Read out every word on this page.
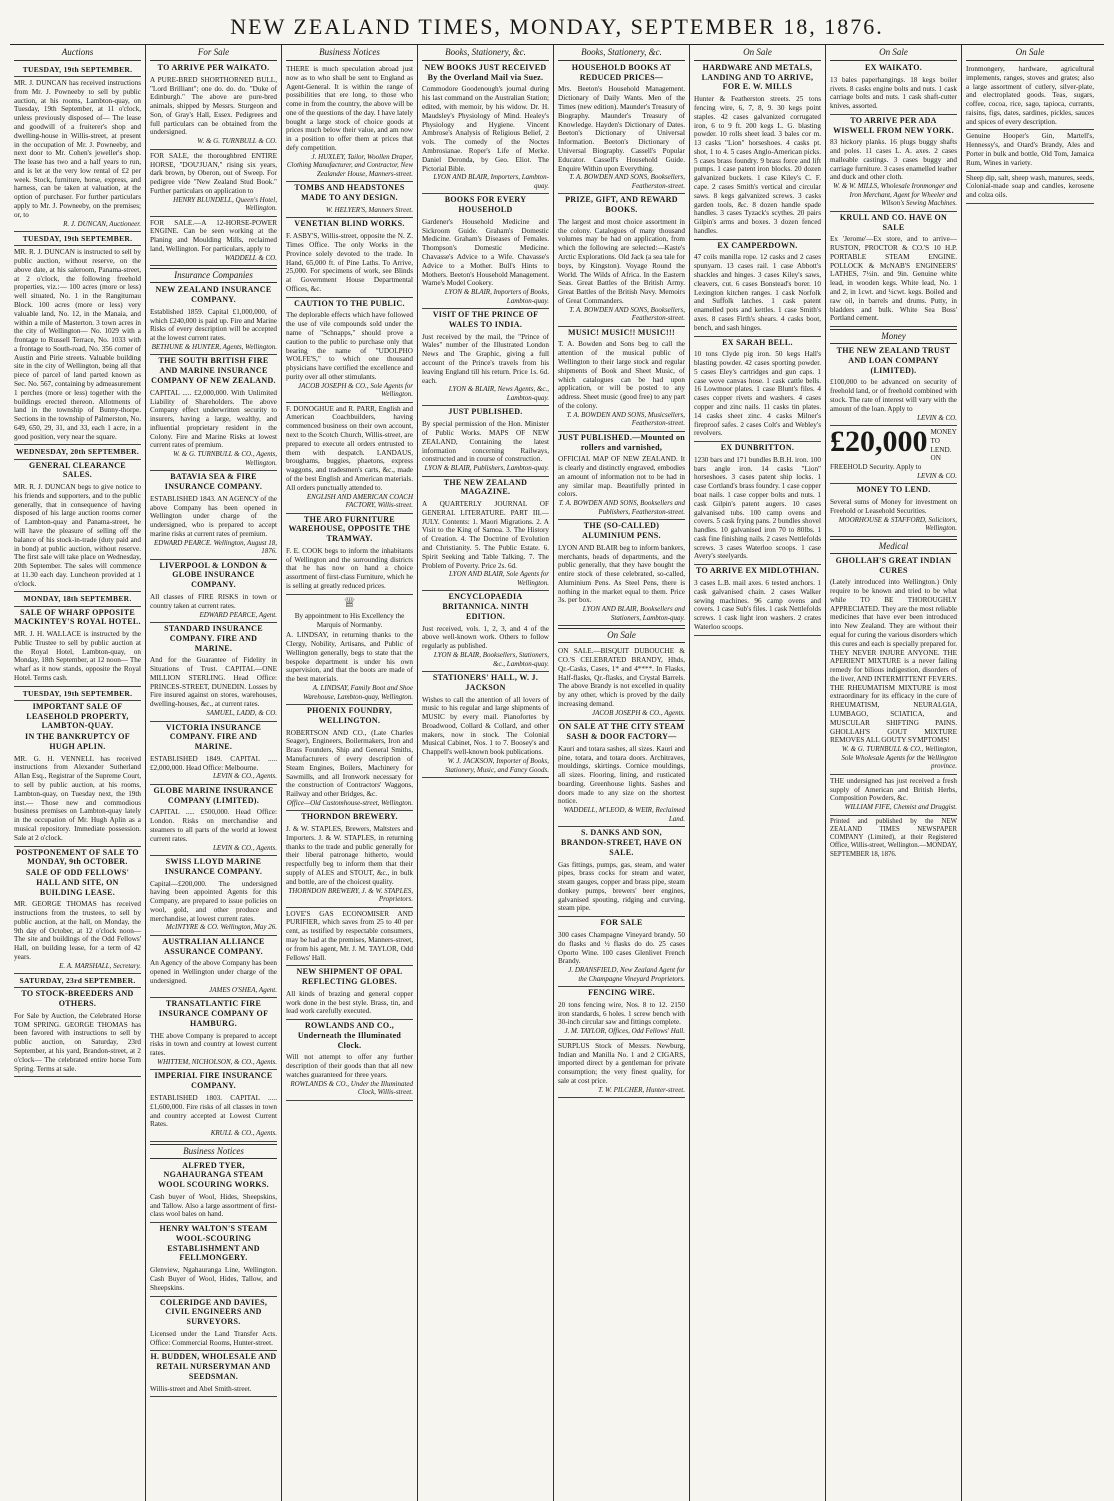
NEW ZEALAND TIMES, MONDAY, SEPTEMBER 18, 1876.
Auctions
TUESDAY, 19th SEPTEMBER.
MR. J. DUNCAN has received instructions from Mr. J. Powneeby to sell by public auction, at his rooms, Lambton-quay, on Tuesday, 19th September, at 11 o'clock, unless previously disposed of— The lease and goodwill of a fruiterer's shop and dwelling-house in Willis-street, at present in the occupation of Mr. J. Powneeby, and next door to Mr. Cohen's jeweller's shop. The lease has two and a half years to run, and is let at the very low rental of £2 per week. Stock, furniture, horse, express, and harness, can be taken at valuation, at the option of purchaser. For further particulars apply to Mr. J. Powneeby, on the premises; or, to
R. J. DUNCAN, Auctioneer.
TUESDAY, 19th SEPTEMBER.
MR. R. J. DUNCAN is instructed to sell by public auction, without reserve, on the above date, at his saleroom, Panama-street, at 2 o'clock, the following freehold properties, viz.:— 100 acres (more or less) well situated, No. 1 in the Rangitumau Block. 100 acres (more or less) very valuable land, No. 12, in the Manaia, and within a mile of Masterton. 3 town acres in the city of Wellington— No. 1029 with a frontage to Russell Terrace, No. 1033 with a frontage to South-road, No. 356 corner of Austin and Pirie streets. Valuable building site in the city of Wellington, being all that piece of parcel of land parted known as Sec. No. 567, containing by admeasurement 1 perches (more or less) together with the buildings erected thereon. Allotments of land in the township of Bunny-thorpe. Sections in the township of Palmerston, No. 649, 650, 29, 31, and 33, each 1 acre, in a good position, very near the square.
WEDNESDAY, 20th SEPTEMBER.
GENERAL CLEARANCE SALES.
MR. R. J. DUNCAN begs to give notice to his friends and supporters, and to the public generally, that in consequence of having disposed of his large auction rooms corner of Lambton-quay and Panama-street, he will have the pleasure of selling off the balance of his stock-in-trade (duty paid and in bond) at public auction, without reserve. The first sale will take place on Wednesday, 20th September. The sales will commence at 11.30 each day. Luncheon provided at 1 o'clock.
MONDAY, 18th SEPTEMBER.
SALE OF WHARF OPPOSITE MACKINTEY'S ROYAL HOTEL.
MR. J. H. WALLACE is instructed by the Public Trustee to sell by public auction at the Royal Hotel, Lambton-quay, on Monday, 18th September, at 12 noon— The wharf as it now stands, opposite the Royal Hotel. Terms cash.
TUESDAY, 19th SEPTEMBER.
IMPORTANT SALE OF LEASEHOLD PROPERTY, LAMBTON-QUAY.
IN THE BANKRUPTCY OF HUGH APLIN.
MR. G. H. VENNELL has received instructions from Alexander Sutherland Allan Esq., Registrar of the Supreme Court, to sell by public auction, at his rooms, Lambton-quay, on Tuesday next, the 19th inst.— Those new and commodious business premises on Lambton-quay lately in the occupation of Mr. Hugh Aplin as a musical repository. Immediate possession. Sale at 2 o'clock.
POSTPONEMENT OF SALE TO MONDAY, 9th OCTOBER.
SALE OF ODD FELLOWS' HALL AND SITE, ON BUILDING LEASE.
MR. GEORGE THOMAS has received instructions from the trustees, to sell by public auction, at the hall, on Monday, the 9th day of October, at 12 o'clock noon— The site and buildings of the Odd Fellows' Hall, on building lease, for a term of 42 years.
E. A. MARSHALL, Secretary.
SATURDAY, 23rd SEPTEMBER.
TO STOCK-BREEDERS AND OTHERS.
For Sale by Auction, the Celebrated Horse TOM SPRING. GEORGE THOMAS has been favored with instructions to sell by public auction, on Saturday, 23rd September, at his yard, Brandon-street, at 2 o'clock— The celebrated entire horse Tom Spring. Terms at sale.
For Sale
TO ARRIVE PER WAIKATO.
A PURE-BRED SHORTHORNED BULL, "Lord Brilliant"; one do. do. do. "Duke of Edinburgh." The above are pure-bred animals, shipped by Messrs. Sturgeon and Son, of Gray's Hall, Essex. Pedigrees and full particulars can be obtained from the undersigned.
W. & G. TURNBULL & CO.
FOR SALE, the thoroughbred ENTIRE HORSE, "DOU'JUAN," rising six years, dark brown, by Oberon, out of Sweep. For pedigree vide "New Zealand Stud Book." Further particulars on application to
HENRY BLUNDELL, Queen's Hotel, Wellington.
FOR SALE.—A 12-HORSE-POWER ENGINE. Can be seen working at the Planing and Moulding Mills, reclaimed land, Wellington. For particulars, apply to
WADDELL & CO.
Insurance Companies
NEW ZEALAND INSURANCE COMPANY.
Established 1859. Capital £1,000,000, of which £240,000 is paid up. Fire and Marine Risks of every description will be accepted at the lowest current rates.
BETHUNE & HUNTER, Agents, Wellington.
THE SOUTH BRITISH FIRE AND MARINE INSURANCE COMPANY OF NEW ZEALAND.
CAPITAL ..... £2,000,000. With Unlimited Liability of Shareholders. The above Company effect underwritten security to insurers, having a large, wealthy, and influential proprietary resident in the Colony. Fire and Marine Risks at lowest current rates of premium.
W. & G. TURNBULL & CO., Agents, Wellington.
BATAVIA SEA & FIRE INSURANCE COMPANY.
ESTABLISHED 1843. AN AGENCY of the above Company has been opened in Wellington under charge of the undersigned, who is prepared to accept marine risks at current rates of premium.
EDWARD PEARCE. Wellington, August 18, 1876.
LIVERPOOL & LONDON & GLOBE INSURANCE COMPANY.
All classes of FIRE RISKS in town or country taken at current rates.
EDWARD PEARCE, Agent.
STANDARD INSURANCE COMPANY. FIRE AND MARINE.
And for the Guarantee of Fidelity in Situations of Trust. CAPITAL—ONE MILLION STERLING. Head Office: PRINCES-STREET, DUNEDIN. Losses by Fire insured against on stores, warehouses, dwelling-houses, &c., at current rates.
SAMUEL, LADD, & CO.
VICTORIA INSURANCE COMPANY. FIRE AND MARINE.
ESTABLISHED 1849. CAPITAL ..... £2,000,000. Head Office: Melbourne.
LEVIN & CO., Agents.
GLOBE MARINE INSURANCE COMPANY (LIMITED).
CAPITAL ..... £500,000. Head Office: London. Risks on merchandise and steamers to all parts of the world at lowest current rates.
LEVIN & CO., Agents.
SWISS LLOYD MARINE INSURANCE COMPANY.
Capital—£200,000. The undersigned having been appointed Agents for this Company, are prepared to issue policies on wool, gold, and other produce and merchandise, at lowest current rates.
McINTYRE & CO. Wellington, May 26.
AUSTRALIAN ALLIANCE ASSURANCE COMPANY.
An Agency of the above Company has been opened in Wellington under charge of the undersigned.
JAMES O'SHEA, Agent.
TRANSATLANTIC FIRE INSURANCE COMPANY OF HAMBURG.
THE above Company is prepared to accept risks in town and country at lowest current rates.
WHITTEM, NICHOLSON, & CO., Agents.
IMPERIAL FIRE INSURANCE COMPANY.
ESTABLISHED 1803. CAPITAL ..... £1,600,000. Fire risks of all classes in town and country accepted at Lowest Current Rates.
KRULL & CO., Agents.
Business Notices
ALFRED TYER, NGAHAURANGA STEAM WOOL SCOURING WORKS.
Cash buyer of Wool, Hides, Sheepskins, and Tallow. Also a large assortment of first-class wool bales on hand.
HENRY WALTON'S STEAM WOOL-SCOURING ESTABLISHMENT AND FELLMONGERY.
Glenview, Ngahauranga Line, Wellington. Cash Buyer of Wool, Hides, Tallow, and Sheepskins.
COLERIDGE AND DAVIES, CIVIL ENGINEERS AND SURVEYORS.
Licensed under the Land Transfer Acts. Office: Commercial Rooms, Hunter-street.
H. BUDDEN, WHOLESALE AND RETAIL NURSERYMAN AND SEEDSMAN.
Willis-street and Abel Smith-street.
Business Notices
THERE is much speculation abroad just now as to who shall be sent to England as Agent-General. It is within the range of possibilities that ere long, to those who come in from the country, the above will be one of the questions of the day. I have lately bought a large stock of choice goods at prices much below their value, and am now in a position to offer them at prices that defy competition.
J. HUXLEY, Tailor, Woollen Draper, Clothing Manufacturer, and Contractor, New Zealander House, Manners-street.
TOMBS AND HEADSTONES MADE TO ANY DESIGN.
W. HELYER'S, Manners Street.
VENETIAN BLIND WORKS.
F. ASBY'S, Willis-street, opposite the N. Z. Times Office. The only Works in the Province solely devoted to the trade. In Hand, 65,000 ft. of Pine Laths. To Arrive, 25,000. For specimens of work, see Blinds at Government House Departmental Offices, &c.
CAUTION TO THE PUBLIC.
The deplorable effects which have followed the use of vile compounds sold under the name of "Schnapps," should prove a caution to the public to purchase only that bearing the name of "UDOLPHO WOLFE'S," to which one thousand physicians have certified the excellence and purity over all other stimulants.
JACOB JOSEPH & CO., Sole Agents for Wellington.
F. DONOGHUE and R. PARR, English and American Coachbuilders, having commenced business on their own account, next to the Scotch Church, Willis-street, are prepared to execute all orders entrusted to them with despatch. LANDAUS, broughams, buggies, phaetons, express waggons, and tradesmen's carts, &c., made of the best English and American materials. All orders punctually attended to.
ENGLISH AND AMERICAN COACH FACTORY, Willis-street.
THE ARO FURNITURE WAREHOUSE, OPPOSITE THE TRAMWAY.
F. E. COOK begs to inform the inhabitants of Wellington and the surrounding districts that he has now on hand a choice assortment of first-class Furniture, which he is selling at greatly reduced prices.
♕
By appointment to His Excellency the Marquis of Normanby.
A. LINDSAY, in returning thanks to the Clergy, Nobility, Artisans, and Public of Wellington generally, begs to state that the bespoke department is under his own supervision, and that the boots are made of the best materials.
A. LINDSAY, Family Boot and Shoe Warehouse, Lambton-quay, Wellington.
PHOENIX FOUNDRY, WELLINGTON.
ROBERTSON AND CO., (Late Charles Seager), Engineers, Boilermakers, Iron and Brass Founders, Ship and General Smiths, Manufacturers of every description of Steam Engines, Boilers, Machinery for Sawmills, and all Ironwork necessary for the construction of Contractors' Waggons, Railway and other Bridges, &c.
Office—Old Customhouse-street, Wellington.
THORNDON BREWERY.
J. & W. STAPLES, Brewers, Maltsters and Importers. J. & W. STAPLES, in returning thanks to the trade and public generally for their liberal patronage hitherto, would respectfully beg to inform them that their supply of ALES and STOUT, &c., in bulk and bottle, are of the choicest quality.
THORNDON BREWERY, J. & W. STAPLES, Proprietors.
LOVE'S GAS ECONOMISER AND PURIFIER, which saves from 25 to 40 per cent, as testified by respectable consumers, may be had at the premises, Manners-street, or from his agent, Mr. J. M. TAYLOR, Odd Fellows' Hall.
NEW SHIPMENT OF OPAL REFLECTING GLOBES.
All kinds of brazing and general copper work done in the best style. Brass, tin, and lead work carefully executed.
ROWLANDS AND CO., Underneath the Illuminated Clock.
Will not attempt to offer any further description of their goods than that all new watches guaranteed for three years.
ROWLANDS & CO., Under the Illuminated Clock, Willis-street.
Books, Stationery, &c.
NEW BOOKS JUST RECEIVED By the Overland Mail via Suez.
Commodore Goodenough's journal during his last command on the Australian Station; edited, with memoir, by his widow. Dr. H. Maudsley's Physiology of Mind. Healey's Physiology and Hygiene. Vincent Ambrose's Analysis of Religious Belief, 2 vols. The comedy of the Noctes Ambrosianae. Roper's Life of Merke. Daniel Deronda, by Geo. Eliot. The Pictorial Bible.
LYON AND BLAIR, Importers, Lambton-quay.
BOOKS FOR EVERY HOUSEHOLD
Gardener's Household Medicine and Sickroom Guide. Graham's Domestic Medicine. Graham's Diseases of Females. Thompson's Domestic Medicine. Chavasse's Advice to a Wife. Chavasse's Advice to a Mother. Bull's Hints to Mothers. Beeton's Household Management. Warne's Model Cookery.
LYON & BLAIR, Importers of Books, Lambton-quay.
VISIT OF THE PRINCE OF WALES TO INDIA.
Just received by the mail, the "Prince of Wales" number of the Illustrated London News and The Graphic, giving a full account of the Prince's travels from his leaving England till his return. Price 1s. 6d. each.
LYON & BLAIR, News Agents, &c., Lambton-quay.
JUST PUBLISHED.
By special permission of the Hon. Minister of Public Works. MAPS OF NEW ZEALAND, Containing the latest information concerning Railways, constructed and in course of construction.
LYON & BLAIR, Publishers, Lambton-quay.
THE NEW ZEALAND MAGAZINE.
A QUARTERLY JOURNAL OF GENERAL LITERATURE. PART III.—JULY. Contents: 1. Maori Migrations. 2. A Visit to the King of Samoa. 3. The History of Creation. 4. The Doctrine of Evolution and Christianity. 5. The Public Estate. 6. Spirit Seeking and Table Talking. 7. The Problem of Poverty. Price 2s. 6d.
LYON AND BLAIR, Sole Agents for Wellington.
ENCYCLOPAEDIA BRITANNICA. NINTH EDITION.
Just received, vols. 1, 2, 3, and 4 of the above well-known work. Others to follow regularly as published.
LYON & BLAIR, Booksellers, Stationers, &c., Lambton-quay.
STATIONERS' HALL, W. J. JACKSON
Wishes to call the attention of all lovers of music to his regular and large shipments of MUSIC by every mail. Pianofortes by Broadwood, Collard & Collard, and other makers, now in stock. The Colonial Musical Cabinet, Nos. 1 to 7. Boosey's and Chappell's well-known book publications.
W. J. JACKSON, Importer of Books, Stationery, Music, and Fancy Goods.
Books, Stationery, &c.
HOUSEHOLD BOOKS AT REDUCED PRICES—
Mrs. Beeton's Household Management. Dictionary of Daily Wants. Men of the Times (new edition). Maunder's Treasury of Biography. Maunder's Treasury of Knowledge. Hayden's Dictionary of Dates. Beeton's Dictionary of Universal Information. Beeton's Dictionary of Universal Biography. Cassell's Popular Educator. Cassell's Household Guide. Enquire Within upon Everything.
T. A. BOWDEN AND SONS, Booksellers, Featherston-street.
PRIZE, GIFT, AND REWARD BOOKS.
The largest and most choice assortment in the colony. Catalogues of many thousand volumes may be had on application, from which the following are selected:—Kaste's Arctic Explorations. Old Jack (a sea tale for boys, by Kingston). Voyage Round the World. The Wilds of Africa. In the Eastern Seas. Great Battles of the British Army. Great Battles of the British Navy. Memoirs of Great Commanders.
T. A. BOWDEN AND SONS, Booksellers, Featherston-street.
MUSIC! MUSIC!! MUSIC!!!
T. A. Bowden and Sons beg to call the attention of the musical public of Wellington to their large stock and regular shipments of Book and Sheet Music, of which catalogues can be had upon application, or will be posted to any address. Sheet music (good free) to any part of the colony.
T. A. BOWDEN AND SONS, Musicsellers, Featherston-street.
JUST PUBLISHED.—Mounted on rollers and varnished,
OFFICIAL MAP OF NEW ZEALAND. It is clearly and distinctly engraved, embodies an amount of information not to be had in any similar map. Beautifully printed in colors.
T. A. BOWDEN AND SONS, Booksellers and Publishers, Featherston-street.
THE (SO-CALLED) ALUMINIUM PENS.
LYON AND BLAIR beg to inform bankers, merchants, heads of departments, and the public generally, that they have bought the entire stock of these celebrated, so-called, Aluminium Pens. As Steel Pens, there is nothing in the market equal to them. Price 3s. per box.
LYON AND BLAIR, Booksellers and Stationers, Lambton-quay.
On Sale
ON SALE.—BISQUIT DUBOUCHE & CO.'S CELEBRATED BRANDY, Hhds, Qr.-Casks, Cases, 1* and 4****. In Flasks, Half-flasks, Qr.-flasks, and Crystal Barrels. The above Brandy is not excelled in quality by any other, which is proved by the daily increasing demand.
JACOB JOSEPH & CO., Agents.
ON SALE AT THE CITY STEAM SASH & DOOR FACTORY—
Kauri and totara sashes, all sizes. Kauri and pine, totara, and totara doors. Architraves, mouldings, skirtings. Cornice mouldings, all sizes. Flooring, lining, and rusticated boarding. Greenhouse lights. Sashes and doors made to any size on the shortest notice.
WADDELL, M'LEOD, & WEIR, Reclaimed Land.
S. DANKS AND SON, BRANDON-STREET, HAVE ON SALE.
Gas fittings, pumps, gas, steam, and water pipes, brass cocks for steam and water, steam gauges, copper and brass pipe, steam donkey pumps, brewers' beer engines, galvanised spouting, ridging and curving, steam pipe.
FOR SALE
300 cases Champagne Vineyard brandy. 50 do flasks and ½ flasks do do. 25 cases Oporto Wine. 100 cases Glenlivet French Brandy.
J. DRANSFIELD, New Zealand Agent for the Champagne Vineyard Proprietors.
FENCING WIRE.
20 tons fencing wire, Nos. 8 to 12. 2150 iron standards, 6 holes. 1 screw bench with 30-inch circular saw and fittings complete.
J. M. TAYLOR, Offices, Odd Fellows' Hall.
SURPLUS Stock of Messrs. Newburg, Indian and Manilla No. 1 and 2 CIGARS, imported direct by a gentleman for private consumption; the very finest quality, for sale at cost price.
T. W. PILCHER, Hunter-street.
On Sale
HARDWARE AND METALS, LANDING AND TO ARRIVE, FOR E. W. MILLS
Hunter & Featherston streets. 25 tons fencing wire, 6, 7, 8, 9. 30 kegs point staples. 42 cases galvanized corrugated iron, 6 to 9 ft. 200 kegs L. G. blasting powder. 10 rolls sheet lead. 3 bales cor m. 13 casks "Lion" horseshoes. 4 casks pt. shot, 1 to 4. 5 cases Anglo-American picks. 5 cases brass foundry. 9 brass force and lift pumps. 1 case patent iron blocks. 20 dozen galvanized buckets. 1 case Kiley's C. F. cape. 2 cases Smith's vertical and circular saws. 8 kegs galvanized screws. 3 casks garden tools, &c. 8 dozen handle spade handles. 3 cases Tyzack's scythes. 20 pairs Gilpin's arms and boxes. 3 dozen fenced handles.
EX CAMPERDOWN.
47 coils manilla rope. 12 casks and 2 cases spunyarn. 13 cases rail. 1 case Abbott's shackles and hinges. 3 cases Kiley's saws, cleavers, cut. 6 cases Bonstead's borer. 10 Lexington kitchen ranges. 1 cask Norfolk and Suffolk latches. 1 cask patent enamelled pots and kettles. 1 case Smith's axes. 8 cases Firth's shears. 4 casks boot, bench, and sash hinges.
EX SARAH BELL.
10 tons Clyde pig iron. 50 kegs Hall's blasting powder. 42 cases sporting powder. 5 cases Eley's cartridges and gun caps. 1 case wove canvas hose. 1 cask cattle bells. 16 Lowmoor plates. 1 case Blunt's files. 4 cases copper rivets and washers. 4 cases copper and zinc nails. 11 casks tin plates. 14 casks sheet zinc. 4 casks Milner's fireproof safes. 2 cases Colt's and Webley's revolvers.
EX DUNBRITTON.
1230 bars and 171 bundles B.B.H. iron. 100 bars angle iron. 14 casks "Lion" horseshoes. 3 cases patent ship locks. 1 case Cortland's brass foundry. 1 case copper boat nails. 1 case copper bolts and nuts. 1 cask Gilpin's patent augers. 10 cases galvanised tubs. 100 camp ovens and covers. 5 cask frying pans. 2 bundles shovel handles. 10 galvanised iron 70 to 80lbs. 1 cask fine finishing nails. 2 cases Nettlefolds screws. 3 cases Waterloo scoops. 1 case Avery's steelyards.
TO ARRIVE EX MIDLOTHIAN.
3 cases L.B. mail axes. 6 tested anchors. 1 cask galvanised chain. 2 cases Walker sewing machines. 96 camp ovens and covers. 1 case Sub's files. 1 cask Nettlefolds screws. 1 cask light iron washers. 2 crates Waterloo scoops.
On Sale
EX WAIKATO.
13 bales paperhangings. 18 kegs boiler rivets. 8 casks engine bolts and nuts. 1 cask carriage bolts and nuts. 1 cask shaft-cutter knives, assorted.
TO ARRIVE PER ADA WISWELL FROM NEW YORK.
83 hickory planks. 16 plugs buggy shafts and poles. 11 cases L. A. axes. 2 cases malleable castings. 3 cases buggy and carriage furniture. 3 cases enamelled leather and duck and other cloth.
W. & W. MILLS, Wholesale Ironmonger and Iron Merchant, Agent for Wheeler and Wilson's Sewing Machines.
KRULL AND CO. HAVE ON SALE
Ex 'Jerome'—Ex store, and to arrive— RUSTON, PROCTOR & CO.'S 10 H.P. PORTABLE STEAM ENGINE. POLLOCK & McNAB'S ENGINEERS' LATHES, 7½in. and 9in. Genuine white lead, in wooden kegs. White lead, No. 1 and 2, in 1cwt. and ¼cwt. kegs. Boiled and raw oil, in barrels and drums. Putty, in bladders and bulk. White Sea Boss' Portland cement.
Money
THE NEW ZEALAND TRUST AND LOAN COMPANY (LIMITED).
£100,000 to be advanced on security of freehold land, or of freehold combined with stock. The rate of interest will vary with the amount of the loan. Apply to
LEVIN & CO.
£20,000 MONEY TO LEND. ON FREEHOLD Security. Apply to
LEVIN & CO.
MONEY TO LEND.
Several sums of Money for investment on Freehold or Leasehold Securities.
MOORHOUSE & STAFFORD, Solicitors, Wellington.
Medical
GHOLLAH'S GREAT INDIAN CURES
(Lately introduced into Wellington.) Only require to be known and tried to be what while TO BE THOROUGHLY APPRECIATED. They are the most reliable medicines that have ever been introduced into New Zealand. They are without their equal for curing the various disorders which this cures and each is specially prepared for. THEY NEVER INJURE ANYONE. THE APERIENT MIXTURE is a never failing remedy for bilious indigestion, disorders of the liver, AND INTERMITTENT FEVERS. THE RHEUMATISM MIXTURE is most extraordinary for its efficacy in the cure of RHEUMATISM, NEURALGIA, LUMBAGO, SCIATICA, and MUSCULAR SHIFTING PAINS. GHOLLAH'S GOUT MIXTURE REMOVES ALL GOUTY SYMPTOMS!
W. & G. TURNBULL & CO., Wellington, Sole Wholesale Agents for the Wellington province.
THE undersigned has just received a fresh supply of American and British Herbs, Composition Powders, &c.
WILLIAM FIFE, Chemist and Druggist.
Printed and published by the NEW ZEALAND TIMES NEWSPAPER COMPANY (Limited), at their Registered Office, Willis-street, Wellington.—MONDAY, SEPTEMBER 18, 1876.
On Sale
Ironmongery, hardware, agricultural implements, ranges, stoves and grates; also a large assortment of cutlery, silver-plate, and electroplated goods. Teas, sugars, coffee, cocoa, rice, sago, tapioca, currants, raisins, figs, dates, sardines, pickles, sauces and spices of every description.
Genuine Hooper's Gin, Martell's, Hennessy's, and Otard's Brandy, Ales and Porter in bulk and bottle, Old Tom, Jamaica Rum, Wines in variety.
Sheep dip, salt, sheep wash, manures, seeds, Colonial-made soap and candles, kerosene and colza oils.
